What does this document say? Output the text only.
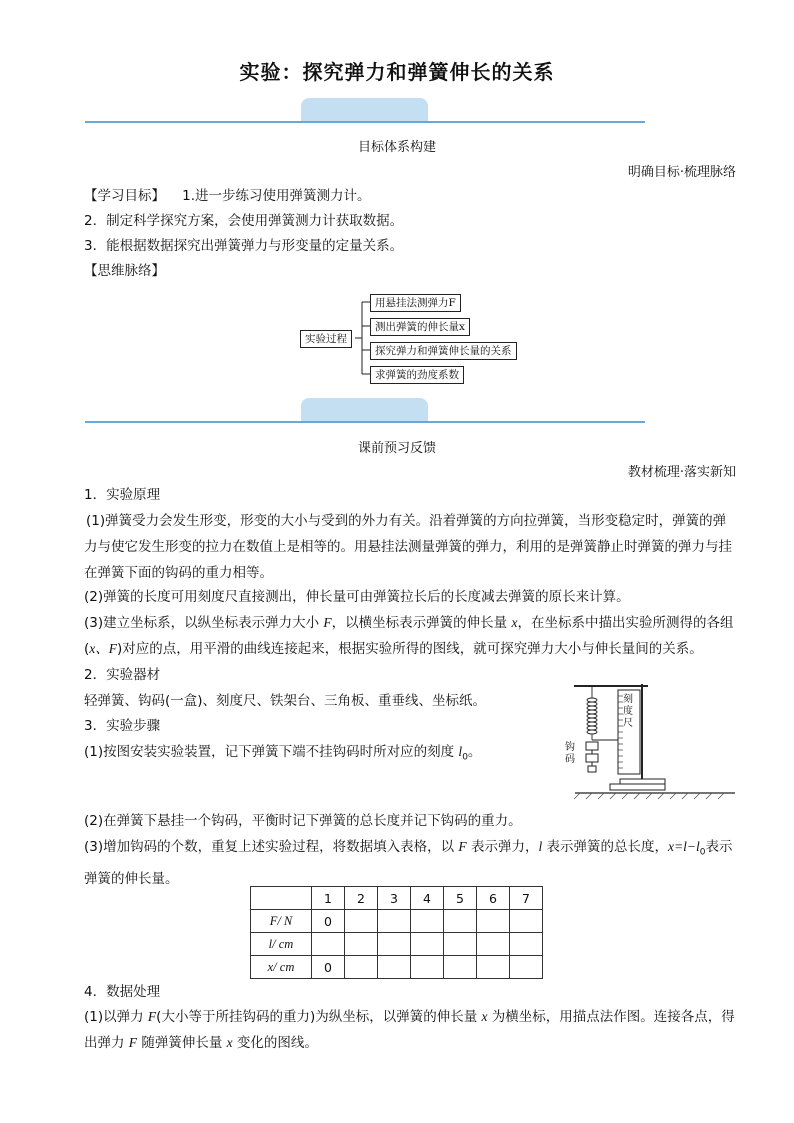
实验：探究弹力和弹簧伸长的关系
目标体系构建
明确目标·梳理脉络
【学习目标】 1.进一步练习使用弹簧测力计。
2．制定科学探究方案，会使用弹簧测力计获取数据。
3．能根据数据探究出弹簧弹力与形变量的定量关系。
【思维脉络】
实验过程
用悬挂法测弹力F
测出弹簧的伸长量x
探究弹力和弹簧伸长量的关系
求弹簧的劲度系数
课前预习反馈
教材梳理·落实新知
1．实验原理
(1)弹簧受力会发生形变，形变的大小与受到的外力有关。沿着弹簧的方向拉弹簧，当形变稳定时，弹簧的弹力与使它发生形变的拉力在数值上是相等的。用悬挂法测量弹簧的弹力，利用的是弹簧静止时弹簧的弹力与挂在弹簧下面的钩码的重力相等。
(2)弹簧的长度可用刻度尺直接测出，伸长量可由弹簧拉长后的长度减去弹簧的原长来计算。
(3)建立坐标系，以纵坐标表示弹力大小 F，以横坐标表示弹簧的伸长量 x，在坐标系中描出实验所测得的各组(x、F)对应的点，用平滑的曲线连接起来，根据实验所得的图线，就可探究弹力大小与伸长量间的关系。
2．实验器材
轻弹簧、钩码(一盒)、刻度尺、铁架台、三角板、重垂线、坐标纸。
3．实验步骤
(1)按图安装实验装置，记下弹簧下端不挂钩码时所对应的刻度 $l_0$。
刻度尺
钩码
(2)在弹簧下悬挂一个钩码，平衡时记下弹簧的总长度并记下钩码的重力。
(3)增加钩码的个数，重复上述实验过程，将数据填入表格，以 F 表示弹力，l 表示弹簧的总长度，$x=l-l_0$表示弹簧的伸长量。
	1	2	3	4	5	6	7
F/ N	0						
l/ cm							
x/ cm	0						
4．数据处理
(1)以弹力 F(大小等于所挂钩码的重力)为纵坐标，以弹簧的伸长量 x 为横坐标，用描点法作图。连接各点，得出弹力 F 随弹簧伸长量 x 变化的图线。
